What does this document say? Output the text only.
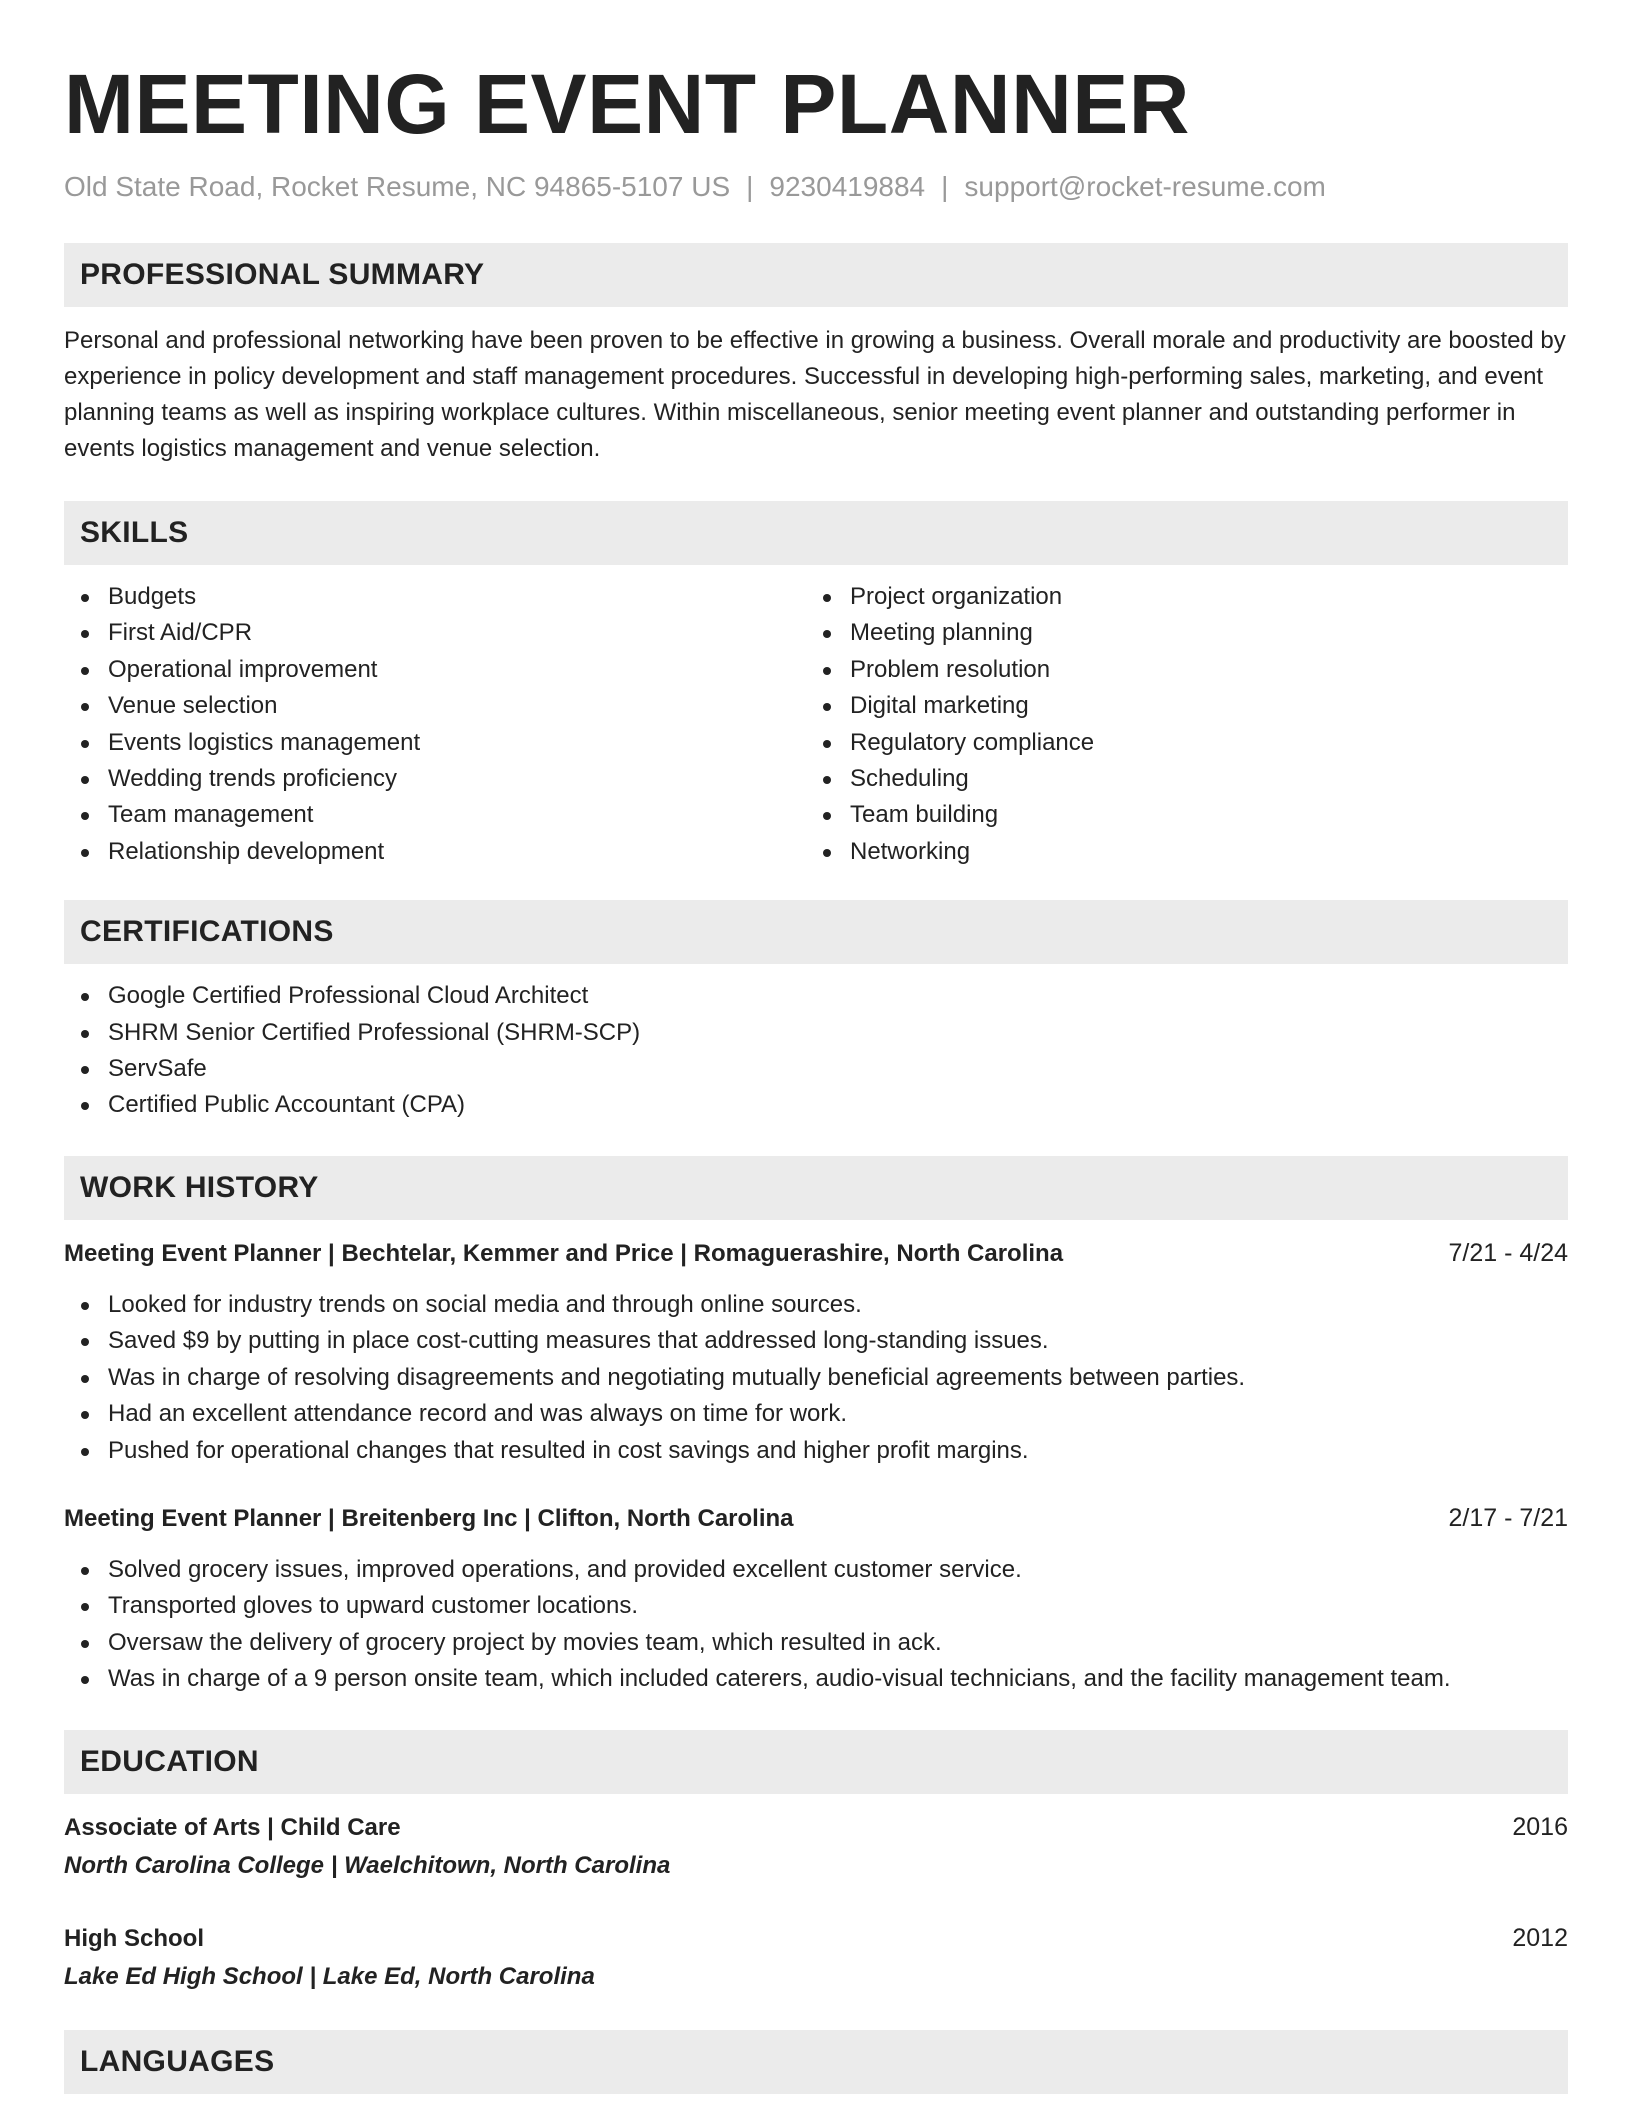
MEETING EVENT PLANNER
Old State Road, Rocket Resume, NC 94865-5107 US | 9230419884 | support@rocket-resume.com
PROFESSIONAL SUMMARY
Personal and professional networking have been proven to be effective in growing a business. Overall morale and productivity are boosted by experience in policy development and staff management procedures. Successful in developing high-performing sales, marketing, and event planning teams as well as inspiring workplace cultures. Within miscellaneous, senior meeting event planner and outstanding performer in events logistics management and venue selection.
SKILLS
Budgets
First Aid/CPR
Operational improvement
Venue selection
Events logistics management
Wedding trends proficiency
Team management
Relationship development
Project organization
Meeting planning
Problem resolution
Digital marketing
Regulatory compliance
Scheduling
Team building
Networking
CERTIFICATIONS
Google Certified Professional Cloud Architect
SHRM Senior Certified Professional (SHRM-SCP)
ServSafe
Certified Public Accountant (CPA)
WORK HISTORY
Meeting Event Planner | Bechtelar, Kemmer and Price | Romaguerashire, North Carolina	7/21 - 4/24
Looked for industry trends on social media and through online sources.
Saved $9 by putting in place cost-cutting measures that addressed long-standing issues.
Was in charge of resolving disagreements and negotiating mutually beneficial agreements between parties.
Had an excellent attendance record and was always on time for work.
Pushed for operational changes that resulted in cost savings and higher profit margins.
Meeting Event Planner | Breitenberg Inc | Clifton, North Carolina	2/17 - 7/21
Solved grocery issues, improved operations, and provided excellent customer service.
Transported gloves to upward customer locations.
Oversaw the delivery of grocery project by movies team, which resulted in ack.
Was in charge of a 9 person onsite team, which included caterers, audio-visual technicians, and the facility management team.
EDUCATION
Associate of Arts | Child Care	2016
North Carolina College | Waelchitown, North Carolina
High School	2012
Lake Ed High School | Lake Ed, North Carolina
LANGUAGES
